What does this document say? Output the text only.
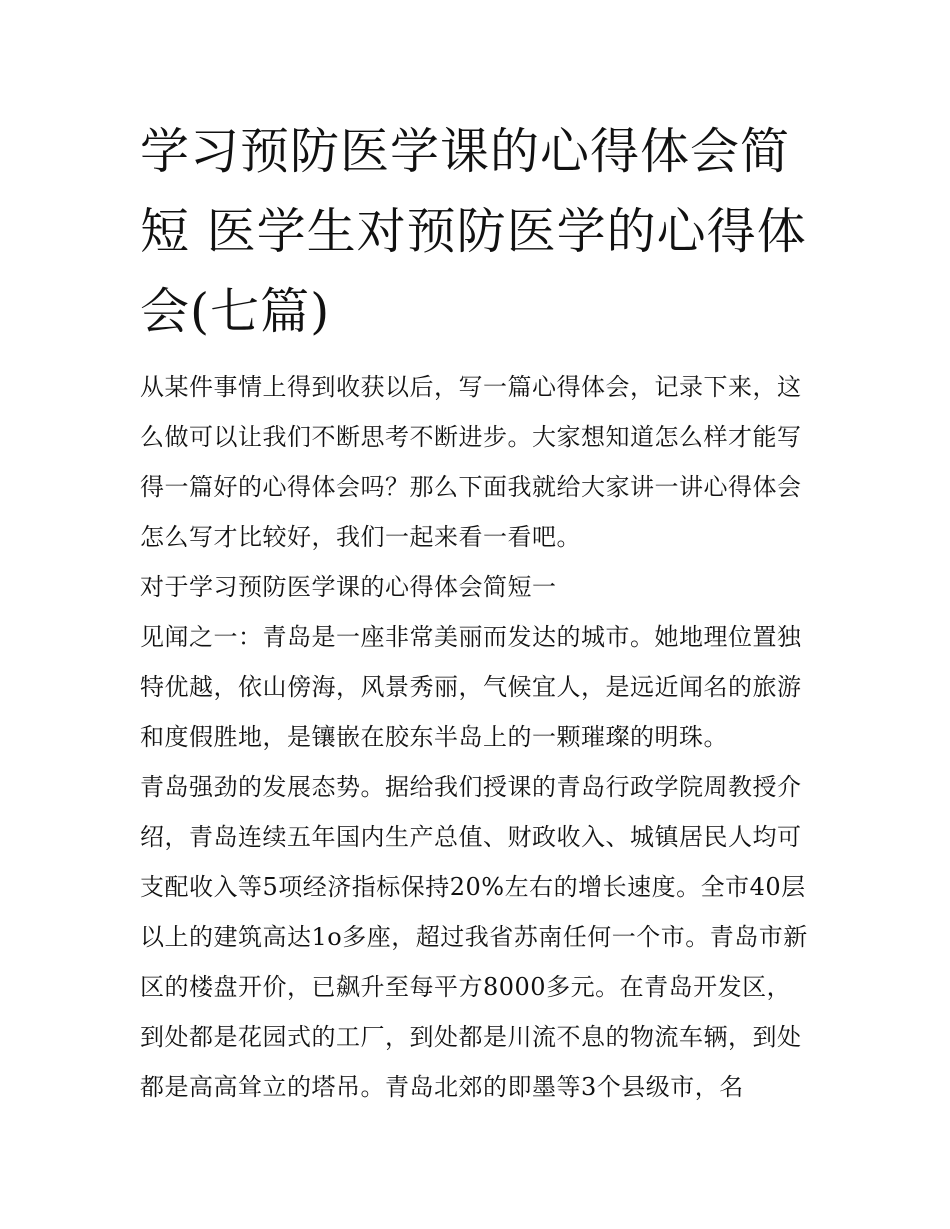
学习预防医学课的心得体会简短 医学生对预防医学的心得体会(七篇)

从某件事情上得到收获以后，写一篇心得体会，记录下来，这么做可以让我们不断思考不断进步。大家想知道怎么样才能写得一篇好的心得体会吗？那么下面我就给大家讲一讲心得体会怎么写才比较好，我们一起来看一看吧。

对于学习预防医学课的心得体会简短一

见闻之一：青岛是一座非常美丽而发达的城市。她地理位置独特优越，依山傍海，风景秀丽，气候宜人，是远近闻名的旅游和度假胜地，是镶嵌在胶东半岛上的一颗璀璨的明珠。

青岛强劲的发展态势。据给我们授课的青岛行政学院周教授介绍，青岛连续五年国内生产总值、财政收入、城镇居民人均可支配收入等5项经济指标保持20%左右的增长速度。全市40层以上的建筑高达1o多座，超过我省苏南任何一个市。青岛市新区的楼盘开价，已飙升至每平方8000多元。在青岛开发区，到处都是花园式的工厂，到处都是川流不息的物流车辆，到处都是高高耸立的塔吊。青岛北郊的即墨等3个县级市，名
